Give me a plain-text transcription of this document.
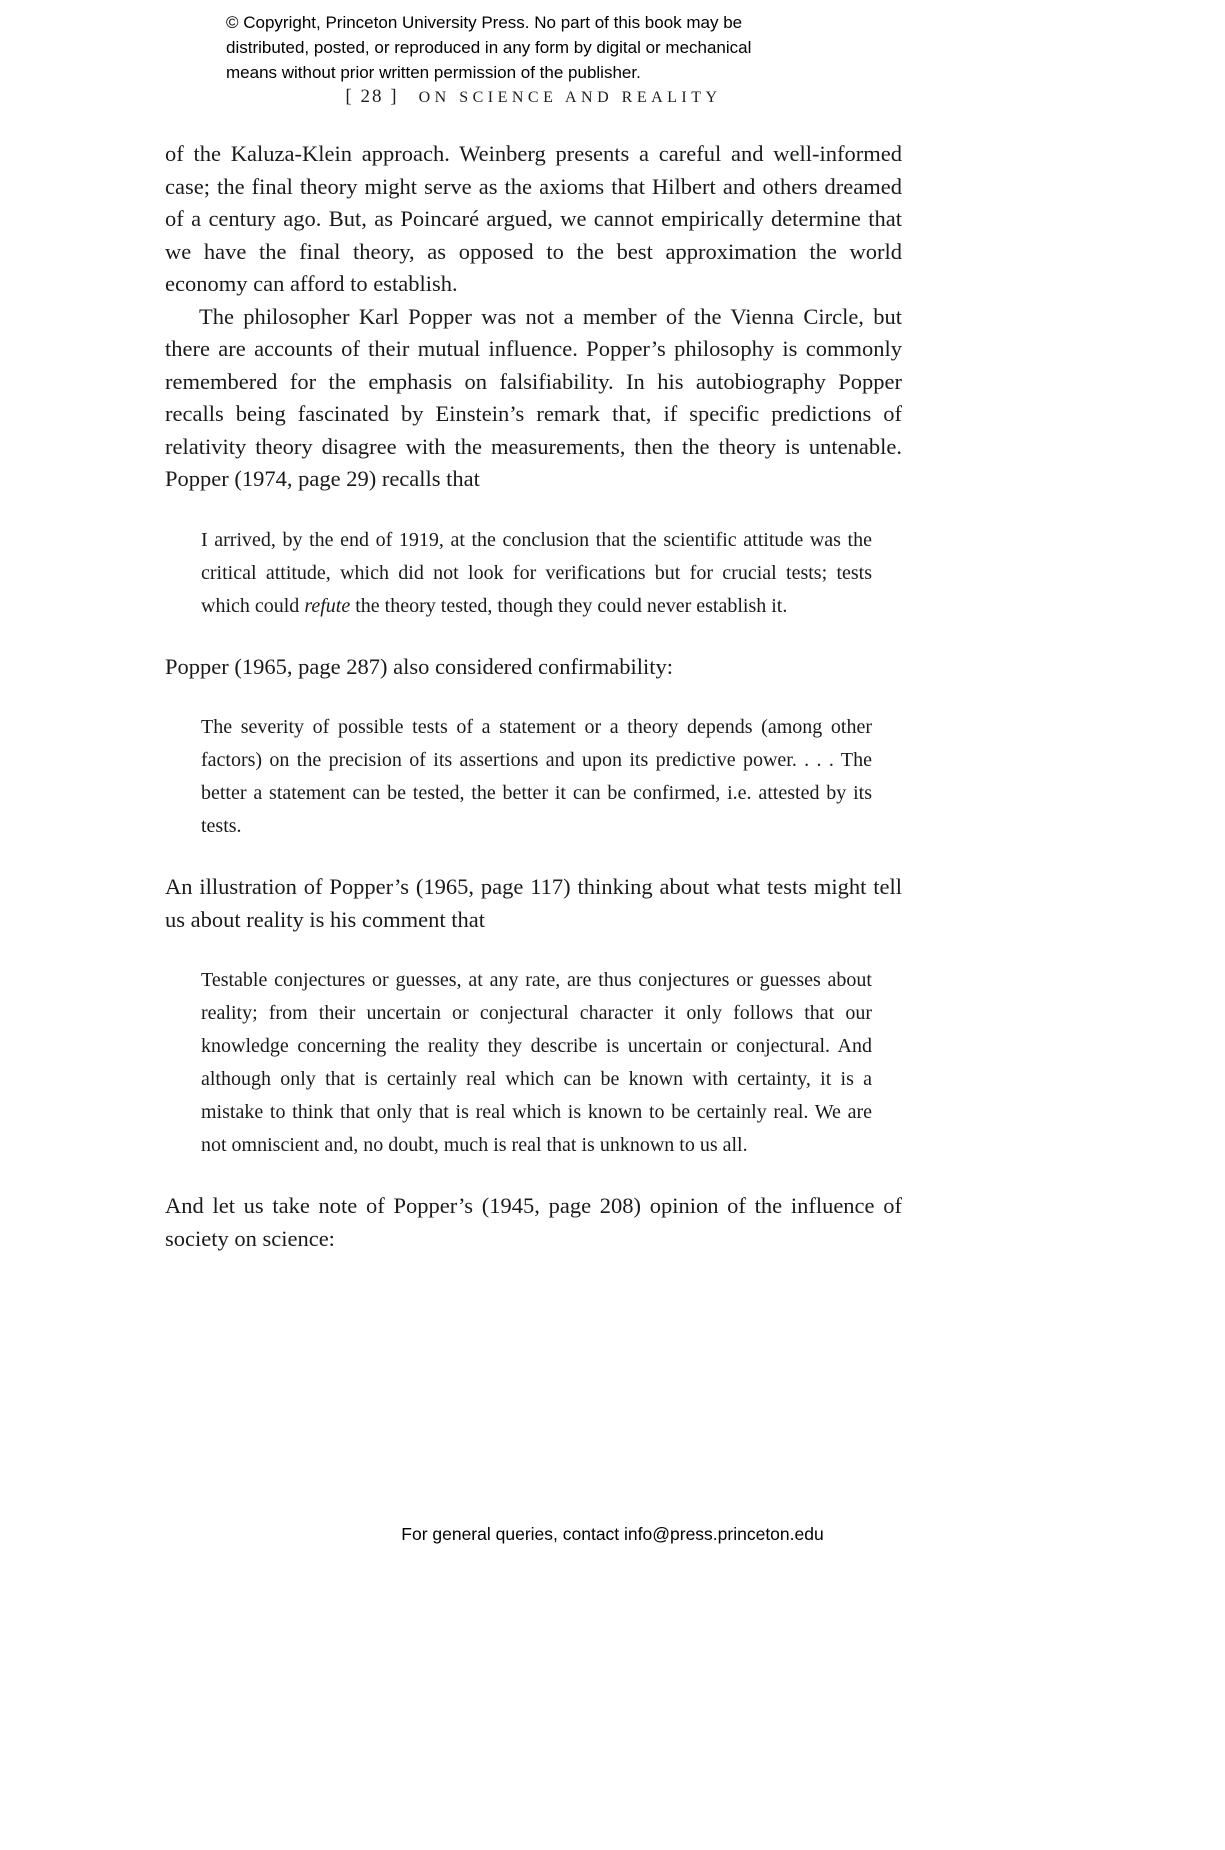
© Copyright, Princeton University Press. No part of this book may be
distributed, posted, or reproduced in any form by digital or mechanical
means without prior written permission of the publisher.
[ 28 ] ON SCIENCE AND REALITY

of the Kaluza-Klein approach. Weinberg presents a careful and well-informed case; the final theory might serve as the axioms that Hilbert and others dreamed of a century ago. But, as Poincaré argued, we cannot empirically determine that we have the final theory, as opposed to the best approximation the world economy can afford to establish.

The philosopher Karl Popper was not a member of the Vienna Circle, but there are accounts of their mutual influence. Popper’s philosophy is commonly remembered for the emphasis on falsifiability. In his autobiography Popper recalls being fascinated by Einstein’s remark that, if specific predictions of relativity theory disagree with the measurements, then the theory is untenable. Popper (1974, page 29) recalls that

I arrived, by the end of 1919, at the conclusion that the scientific attitude was the critical attitude, which did not look for verifications but for crucial tests; tests which could refute the theory tested, though they could never establish it.

Popper (1965, page 287) also considered confirmability:

The severity of possible tests of a statement or a theory depends (among other factors) on the precision of its assertions and upon its predictive power. . . . The better a statement can be tested, the better it can be confirmed, i.e. attested by its tests.

An illustration of Popper’s (1965, page 117) thinking about what tests might tell us about reality is his comment that

Testable conjectures or guesses, at any rate, are thus conjectures or guesses about reality; from their uncertain or conjectural character it only follows that our knowledge concerning the reality they describe is uncertain or conjectural. And although only that is certainly real which can be known with certainty, it is a mistake to think that only that is real which is known to be certainly real. We are not omniscient and, no doubt, much is real that is unknown to us all.

And let us take note of Popper’s (1945, page 208) opinion of the influence of society on science:

For general queries, contact info@press.princeton.edu
